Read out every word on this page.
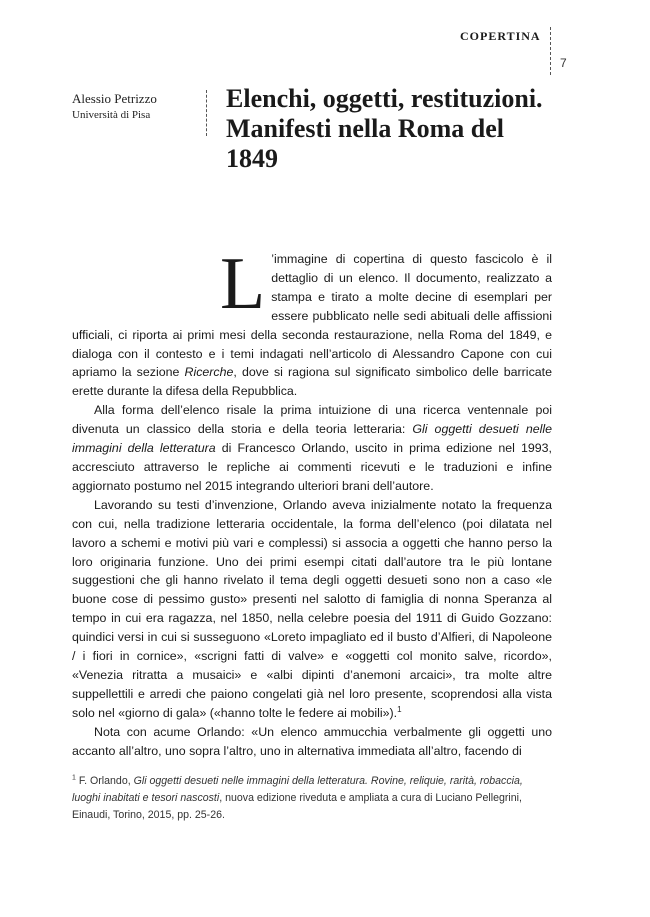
COPERTINA
7
Alessio Petrizzo
Università di Pisa
Elenchi, oggetti, restituzioni. Manifesti nella Roma del 1849

L ’immagine di copertina di questo fascicolo è il dettaglio di un elenco. Il documento, realizzato a stampa e tirato a molte decine di esemplari per essere pubblicato nelle sedi abituali delle affissioni ufficiali, ci riporta ai primi mesi della seconda restaurazione, nella Roma del 1849, e dialoga con il contesto e i temi indagati nell’articolo di Alessandro Capone con cui apriamo la sezione Ricerche, dove si ragiona sul significato simbolico delle barricate erette durante la difesa della Repubblica.

Alla forma dell’elenco risale la prima intuizione di una ricerca ventennale poi divenuta un classico della storia e della teoria letteraria: Gli oggetti desueti nelle immagini della letteratura di Francesco Orlando, uscito in prima edizione nel 1993, accresciuto attraverso le repliche ai commenti ricevuti e le traduzioni e infine aggiornato postumo nel 2015 integrando ulteriori brani dell’autore.

Lavorando su testi d’invenzione, Orlando aveva inizialmente notato la frequenza con cui, nella tradizione letteraria occidentale, la forma dell’elenco (poi dilatata nel lavoro a schemi e motivi più vari e complessi) si associa a oggetti che hanno perso la loro originaria funzione. Uno dei primi esempi citati dall’autore tra le più lontane suggestioni che gli hanno rivelato il tema degli oggetti desueti sono non a caso «le buone cose di pessimo gusto» presenti nel salotto di famiglia di nonna Speranza al tempo in cui era ragazza, nel 1850, nella celebre poesia del 1911 di Guido Gozzano: quindici versi in cui si susseguono «Loreto impagliato ed il busto d’Alfieri, di Napoleone / i fiori in cornice», «scrigni fatti di valve» e «oggetti col monito salve, ricordo», «Venezia ritratta a musaici» e «albi dipinti d’anemoni arcaici», tra molte altre suppellettili e arredi che paiono congelati già nel loro presente, scoprendosi alla vista solo nel «giorno di gala» («hanno tolte le federe ai mobili»).$^1$

Nota con acume Orlando: «Un elenco ammucchia verbalmente gli oggetti uno accanto all’altro, uno sopra l’altro, uno in alternativa immediata all’altro, facendo di

$^1$ F. Orlando, Gli oggetti desueti nelle immagini della letteratura. Rovine, reliquie, rarità, robaccia, luoghi inabitati e tesori nascosti, nuova edizione riveduta e ampliata a cura di Luciano Pellegrini, Einaudi, Torino, 2015, pp. 25-26.
